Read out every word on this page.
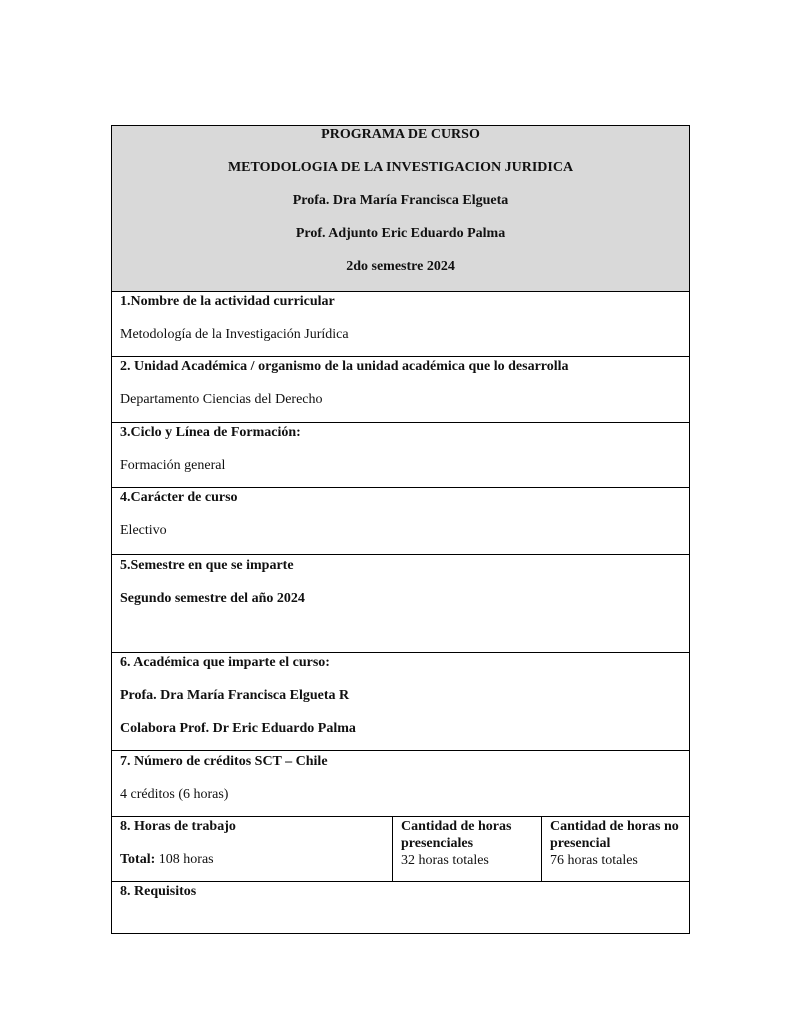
PROGRAMA DE CURSO
METODOLOGIA DE LA INVESTIGACION JURIDICA
Profa. Dra María Francisca Elgueta
Prof. Adjunto Eric Eduardo Palma
2do semestre 2024

1.Nombre de la actividad curricular
Metodología de la Investigación Jurídica

2. Unidad Académica / organismo de la unidad académica que lo desarrolla
Departamento Ciencias del Derecho

3.Ciclo y Línea de Formación:
Formación general

4.Carácter de curso
Electivo

5.Semestre en que se imparte
Segundo semestre del año 2024

6. Académica que imparte el curso:
Profa. Dra María Francisca Elgueta R
Colabora Prof. Dr Eric Eduardo Palma

7. Número de créditos SCT – Chile
4 créditos (6 horas)

8. Horas de trabajo
Total: 108 horas

Cantidad de horas presenciales
32 horas totales

Cantidad de horas no presencial
76 horas totales

8. Requisitos
